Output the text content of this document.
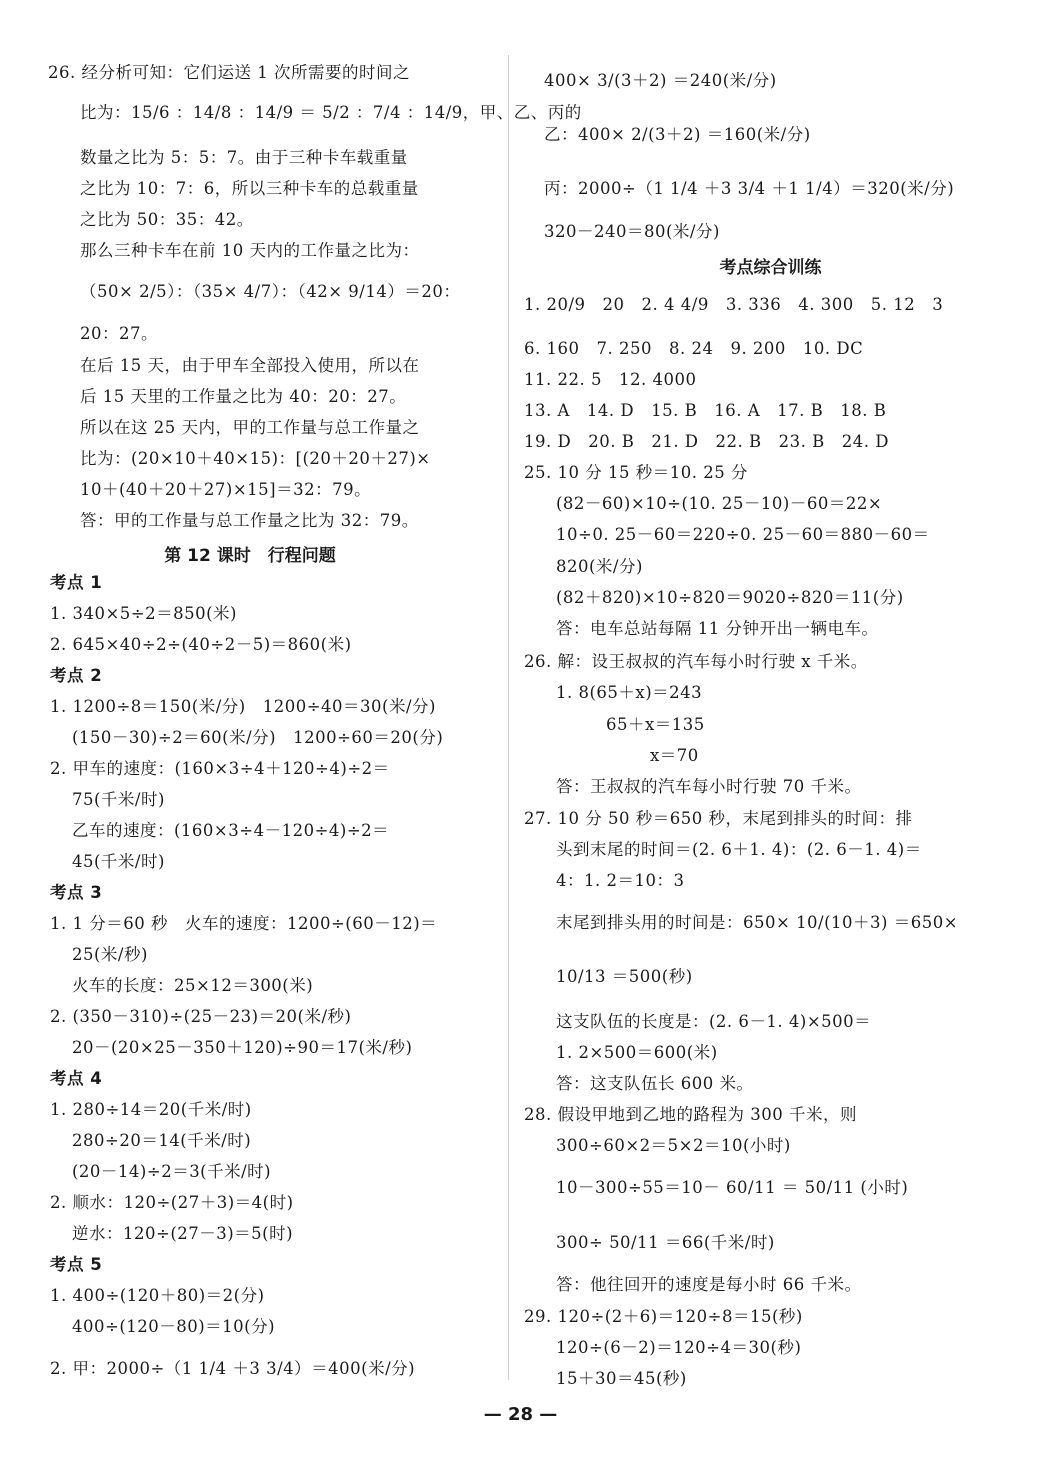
26. 经分析可知：它们运送 1 次所需要的时间之
比为：15/6 ：14/8 ：14/9 ＝ 5/2 ：7/4 ：14/9，甲、乙、丙的
数量之比为 5：5：7。由于三种卡车载重量
之比为 10：7：6，所以三种卡车的总载重量
之比为 50：35：42。
那么三种卡车在前 10 天内的工作量之比为：
（50× 2/5）：（35× 4/7）：（42× 9/14）＝20：
20：27。
在后 15 天，由于甲车全部投入使用，所以在
后 15 天里的工作量之比为 40：20：27。
所以在这 25 天内，甲的工作量与总工作量之
比为：(20×10＋40×15)：[(20＋20＋27)×
10＋(40＋20＋27)×15]＝32：79。
答：甲的工作量与总工作量之比为 32：79。
考点 1
1. 340×5÷2＝850(米)
2. 645×40÷2÷(40÷2－5)＝860(米)
考点 2
1. 1200÷8＝150(米/分)　1200÷40＝30(米/分)
(150－30)÷2＝60(米/分)　1200÷60＝20(分)
2. 甲车的速度：(160×3÷4＋120÷4)÷2＝
75(千米/时)
乙车的速度：(160×3÷4－120÷4)÷2＝
45(千米/时)
考点 3
1. 1 分＝60 秒　火车的速度：1200÷(60－12)＝
25(米/秒)
火车的长度：25×12＝300(米)
2. (350－310)÷(25－23)＝20(米/秒)
20－(20×25－350＋120)÷90＝17(米/秒)
考点 4
1. 280÷14＝20(千米/时)
280÷20＝14(千米/时)
(20－14)÷2＝3(千米/时)
2. 顺水：120÷(27＋3)＝4(时)
逆水：120÷(27－3)＝5(时)
考点 5
1. 400÷(120＋80)＝2(分)
400÷(120－80)＝10(分)
2. 甲：2000÷（1 1/4 ＋3 3/4）＝400(米/分)
第 12 课时　行程问题
400× 3/(3＋2) ＝240(米/分)
乙：400× 2/(3＋2) ＝160(米/分)
丙：2000÷（1 1/4 ＋3 3/4 ＋1 1/4）＝320(米/分)
320－240＝80(米/分)
1. 20/9　20　2. 4 4/9　3. 336　4. 300　5. 12　3
6. 160　7. 250　8. 24　9. 200　10. DC
11. 22. 5　12. 4000
13. A　14. D　15. B　16. A　17. B　18. B
19. D　20. B　21. D　22. B　23. B　24. D
25. 10 分 15 秒＝10. 25 分
(82－60)×10÷(10. 25－10)－60＝22×
10÷0. 25－60＝220÷0. 25－60＝880－60＝
820(米/分)
(82＋820)×10÷820＝9020÷820＝11(分)
答：电车总站每隔 11 分钟开出一辆电车。
26. 解：设王叔叔的汽车每小时行驶 x 千米。
1. 8(65＋x)＝243
65＋x＝135
x＝70
答：王叔叔的汽车每小时行驶 70 千米。
27. 10 分 50 秒＝650 秒，末尾到排头的时间：排
头到末尾的时间＝(2. 6＋1. 4)：(2. 6－1. 4)＝
4：1. 2＝10：3
末尾到排头用的时间是：650× 10/(10＋3) ＝650×
10/13 ＝500(秒)
这支队伍的长度是：(2. 6－1. 4)×500＝
1. 2×500＝600(米)
答：这支队伍长 600 米。
28. 假设甲地到乙地的路程为 300 千米，则
300÷60×2＝5×2＝10(小时)
10－300÷55＝10－ 60/11 ＝ 50/11 (小时)
300÷ 50/11 ＝66(千米/时)
答：他往回开的速度是每小时 66 千米。
29. 120÷(2＋6)＝120÷8＝15(秒)
120÷(6－2)＝120÷4＝30(秒)
15＋30＝45(秒)
考点综合训练
— 28 —
